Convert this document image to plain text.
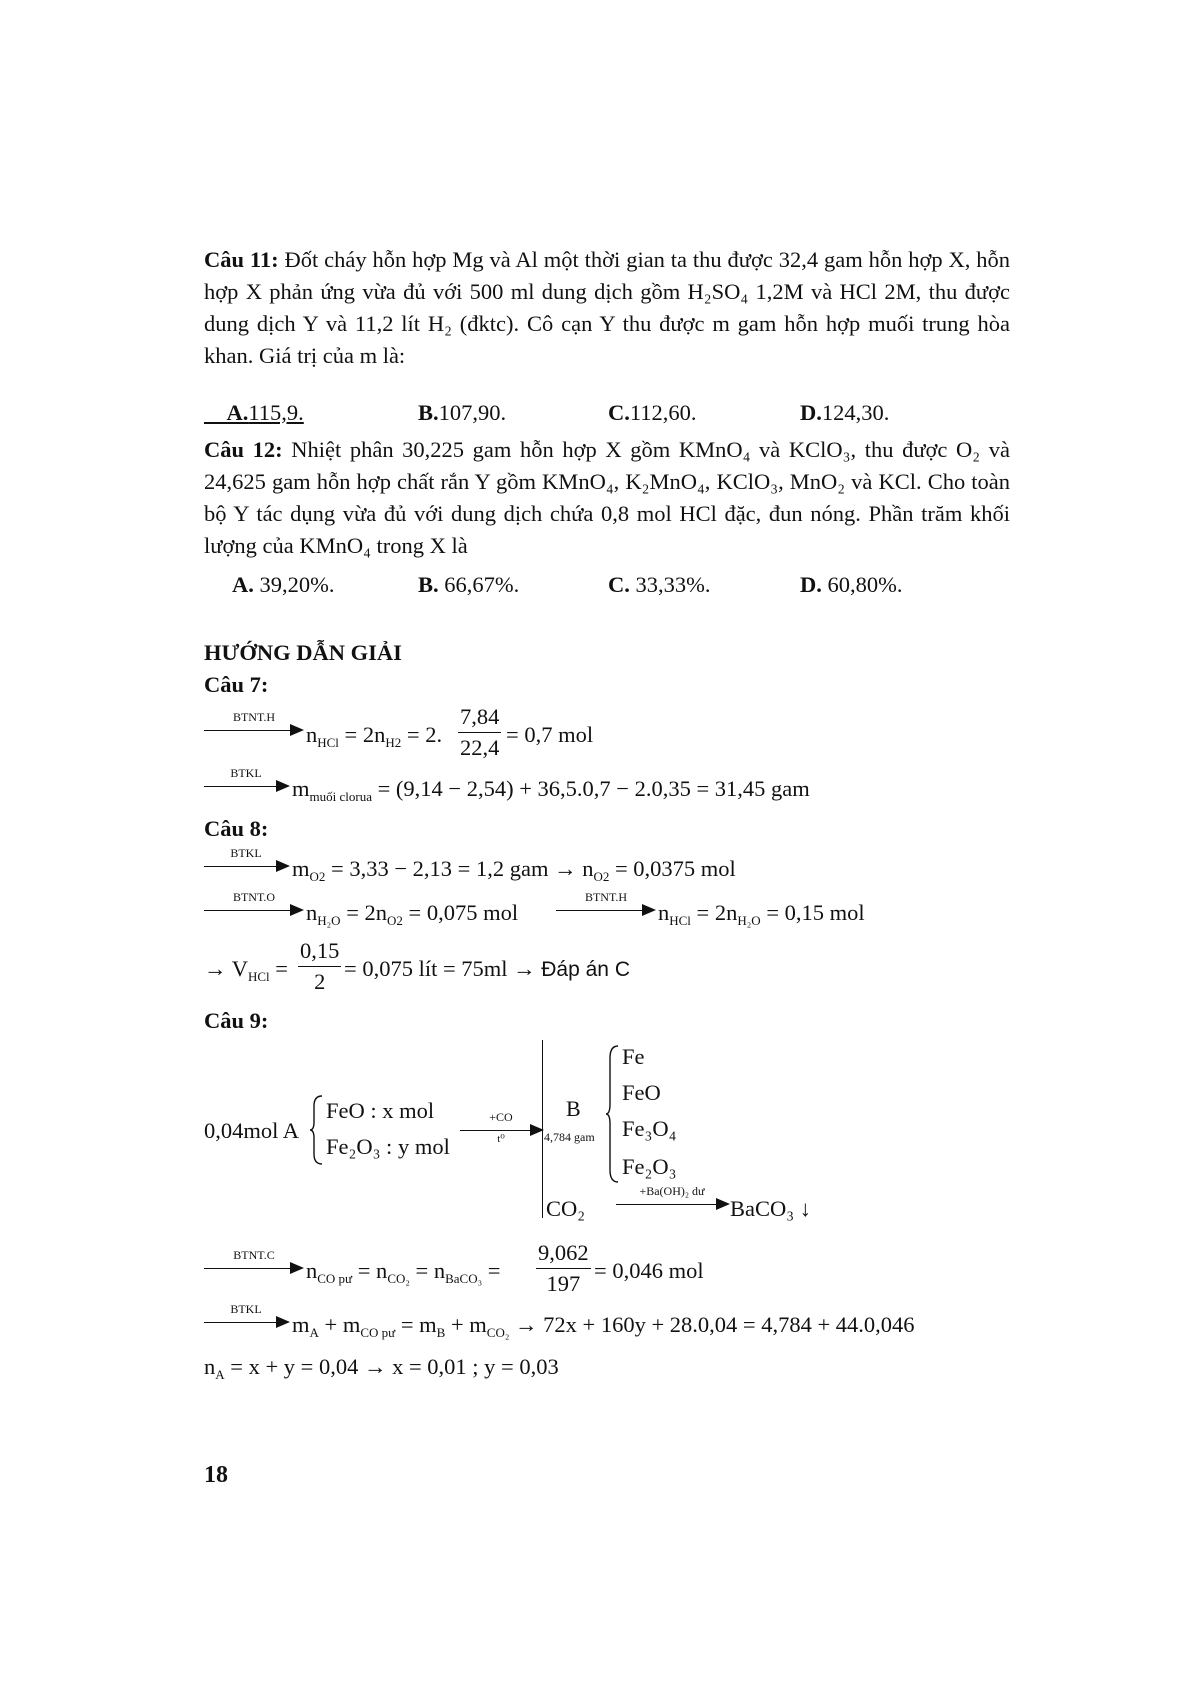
Câu 11: Đốt cháy hỗn hợp Mg và Al một thời gian ta thu được 32,4 gam hỗn hợp X, hỗn hợp X phản ứng vừa đủ với 500 ml dung dịch gồm H₂SO₄ 1,2M và HCl 2M, thu được dung dịch Y và 11,2 lít H₂ (đktc). Cô cạn Y thu được m gam hỗn hợp muối trung hòa khan. Giá trị của m là:
A.115,9.	B.107,90.	C.112,60.	D.124,30.
Câu 12: Nhiệt phân 30,225 gam hỗn hợp X gồm KMnO₄ và KClO₃, thu được O₂ và 24,625 gam hỗn hợp chất rắn Y gồm KMnO₄, K₂MnO₄, KClO₃, MnO₂ và KCl. Cho toàn bộ Y tác dụng vừa đủ với dung dịch chứa 0,8 mol HCl đặc, đun nóng. Phần trăm khối lượng của KMnO₄ trong X là
A. 39,20%.	B. 66,67%.	C. 33,33%.	D. 60,80%.
HƯỚNG DẪN GIẢI
Câu 7:
BTNT.H
$n_{HCl} = 2n_{H2} = 2$.
7,84
22,4
= 0,7 mol
BTKL
$m_{muối clorua} = (9,14 - 2,54) + 36,5.0,7 - 2.0,35 = 31,45$ gam
Câu 8:
BTKL
$m_{O2} = 3,33 - 2,13 = 1,2$ gam → $n_{O2} = 0,0375$ mol
BTNT.O
$n_{H_2O} = 2n_{O2} = 0,075$ mol
BTNT.H
$n_{HCl} = 2n_{H_2O} = 0,15$ mol
→ $V_{HCl}$ =
0,15
2
= 0,075 lít = 75ml → Đáp án C
Câu 9:
0,04mol A
FeO : x mol
Fe₂O₃ : y mol
+CO
t⁰
B
4,784 gam
Fe
FeO
Fe₃O₄
Fe₂O₃
CO₂
+Ba(OH)₂ dư
BaCO₃ ↓
BTNT.C
$n_{CO pư} = n_{CO_2} = n_{BaCO_3}$ =
9,062
197
= 0,046 mol
BTKL
$m_A + m_{CO pư} = m_B + m_{CO_2} \to 72x + 160y + 28.0,04 = 4,784 + 44.0,046$
$n_A = x + y = 0,04 \to x = 0,01$ ; y = 0,03
18
